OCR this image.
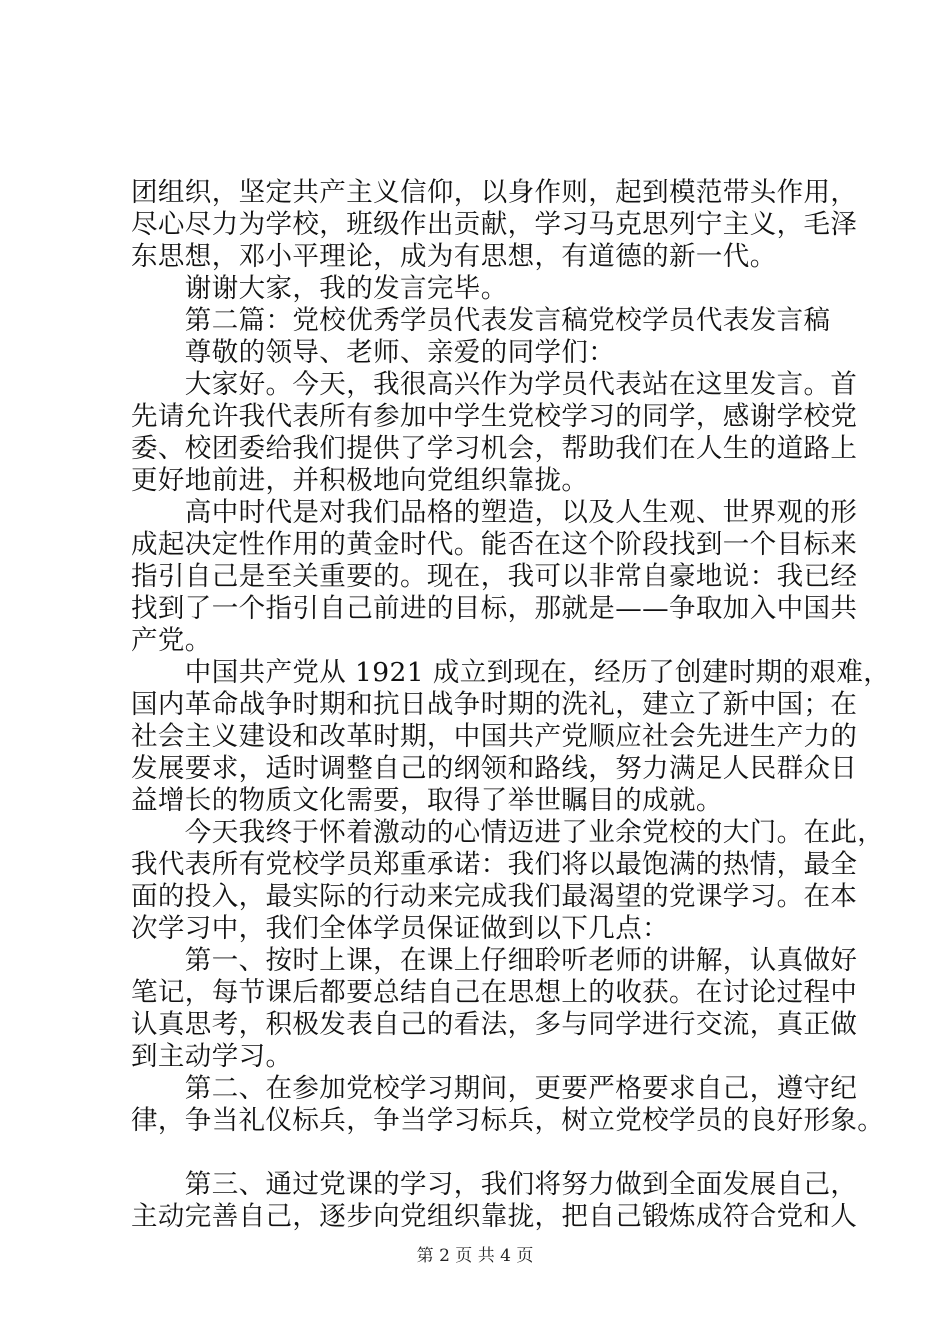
团组织，坚定共产主义信仰，以身作则，起到模范带头作用，
尽心尽力为学校，班级作出贡献，学习马克思列宁主义，毛泽
东思想，邓小平理论，成为有思想，有道德的新一代。
　　谢谢大家，我的发言完毕。
　　第二篇：党校优秀学员代表发言稿党校学员代表发言稿
　　尊敬的领导、老师、亲爱的同学们：
　　大家好。今天，我很高兴作为学员代表站在这里发言。首
先请允许我代表所有参加中学生党校学习的同学，感谢学校党
委、校团委给我们提供了学习机会，帮助我们在人生的道路上
更好地前进，并积极地向党组织靠拢。
　　高中时代是对我们品格的塑造，以及人生观、世界观的形
成起决定性作用的黄金时代。能否在这个阶段找到一个目标来
指引自己是至关重要的。现在，我可以非常自豪地说：我已经
找到了一个指引自己前进的目标，那就是——争取加入中国共
产党。
　　中国共产党从 1921 成立到现在，经历了创建时期的艰难，
国内革命战争时期和抗日战争时期的洗礼，建立了新中国；在
社会主义建设和改革时期，中国共产党顺应社会先进生产力的
发展要求，适时调整自己的纲领和路线，努力满足人民群众日
益增长的物质文化需要，取得了举世瞩目的成就。
　　今天我终于怀着激动的心情迈进了业余党校的大门。在此，
我代表所有党校学员郑重承诺：我们将以最饱满的热情，最全
面的投入，最实际的行动来完成我们最渴望的党课学习。在本
次学习中，我们全体学员保证做到以下几点：
　　第一、按时上课，在课上仔细聆听老师的讲解，认真做好
笔记，每节课后都要总结自己在思想上的收获。在讨论过程中
认真思考，积极发表自己的看法，多与同学进行交流，真正做
到主动学习。
　　第二、在参加党校学习期间，更要严格要求自己，遵守纪
律，争当礼仪标兵，争当学习标兵，树立党校学员的良好形象。
　　第三、通过党课的学习，我们将努力做到全面发展自己，
主动完善自己，逐步向党组织靠拢，把自己锻炼成符合党和人
第 2 页 共 4 页
